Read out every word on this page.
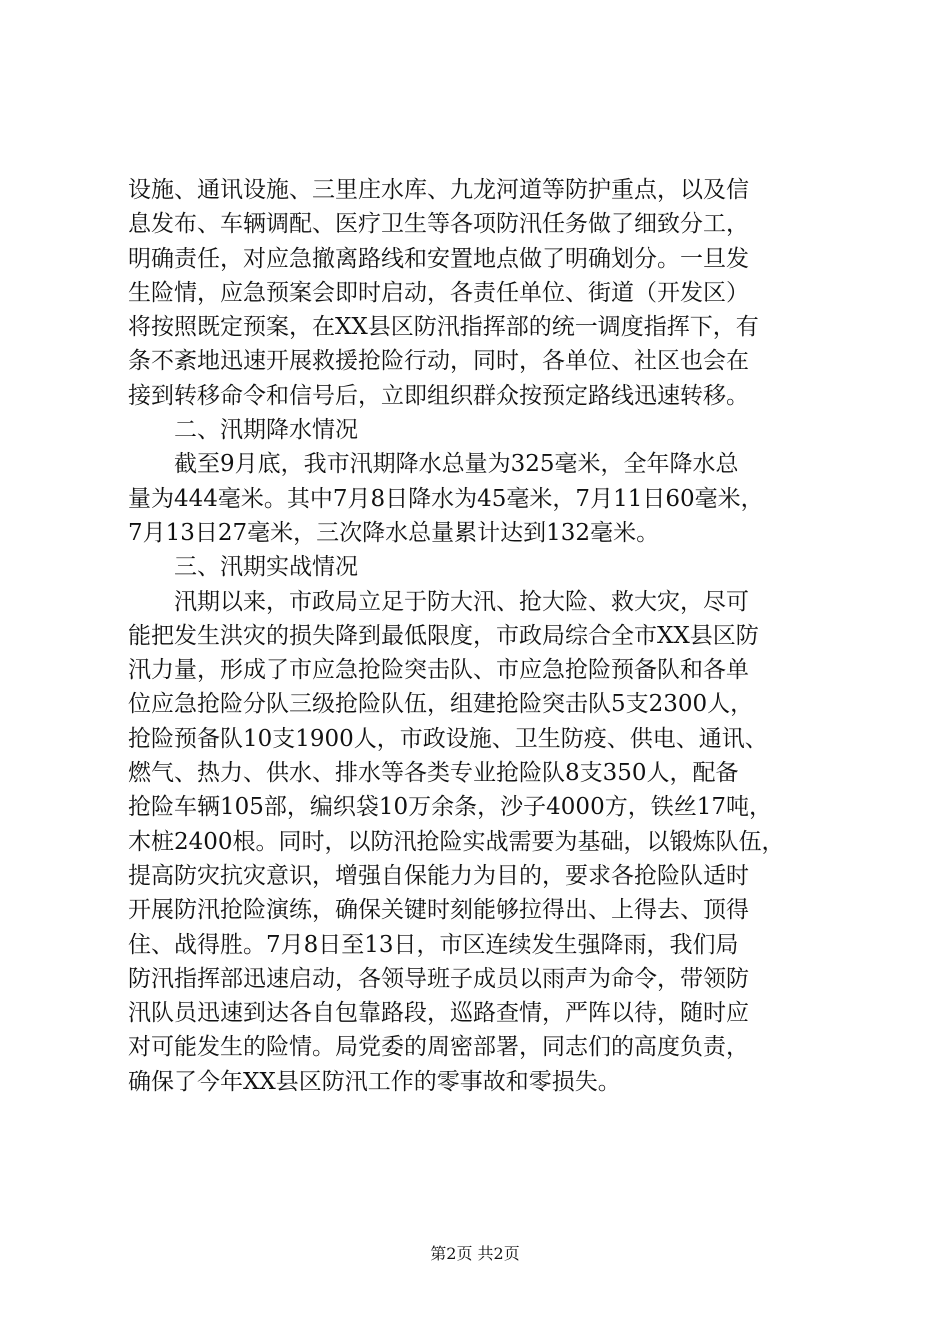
设施、通讯设施、三里庄水库、九龙河道等防护重点，以及信
息发布、车辆调配、医疗卫生等各项防汛任务做了细致分工，
明确责任，对应急撤离路线和安置地点做了明确划分。一旦发
生险情，应急预案会即时启动，各责任单位、街道（开发区）
将按照既定预案，在XX县区防汛指挥部的统一调度指挥下，有
条不紊地迅速开展救援抢险行动，同时，各单位、社区也会在
接到转移命令和信号后，立即组织群众按预定路线迅速转移。
　　二、汛期降水情况
　　截至9月底，我市汛期降水总量为325毫米，全年降水总
量为444毫米。其中7月8日降水为45毫米，7月11日60毫米，
7月13日27毫米，三次降水总量累计达到132毫米。
　　三、汛期实战情况
　　汛期以来，市政局立足于防大汛、抢大险、救大灾，尽可
能把发生洪灾的损失降到最低限度，市政局综合全市XX县区防
汛力量，形成了市应急抢险突击队、市应急抢险预备队和各单
位应急抢险分队三级抢险队伍，组建抢险突击队5支2300人，
抢险预备队10支1900人，市政设施、卫生防疫、供电、通讯、
燃气、热力、供水、排水等各类专业抢险队8支350人，配备
抢险车辆105部，编织袋10万余条，沙子4000方，铁丝17吨，
木桩2400根。同时，以防汛抢险实战需要为基础，以锻炼队伍，
提高防灾抗灾意识，增强自保能力为目的，要求各抢险队适时
开展防汛抢险演练，确保关键时刻能够拉得出、上得去、顶得
住、战得胜。7月8日至13日，市区连续发生强降雨，我们局
防汛指挥部迅速启动，各领导班子成员以雨声为命令，带领防
汛队员迅速到达各自包靠路段，巡路查情，严阵以待，随时应
对可能发生的险情。局党委的周密部署，同志们的高度负责，
确保了今年XX县区防汛工作的零事故和零损失。
第2页 共2页
